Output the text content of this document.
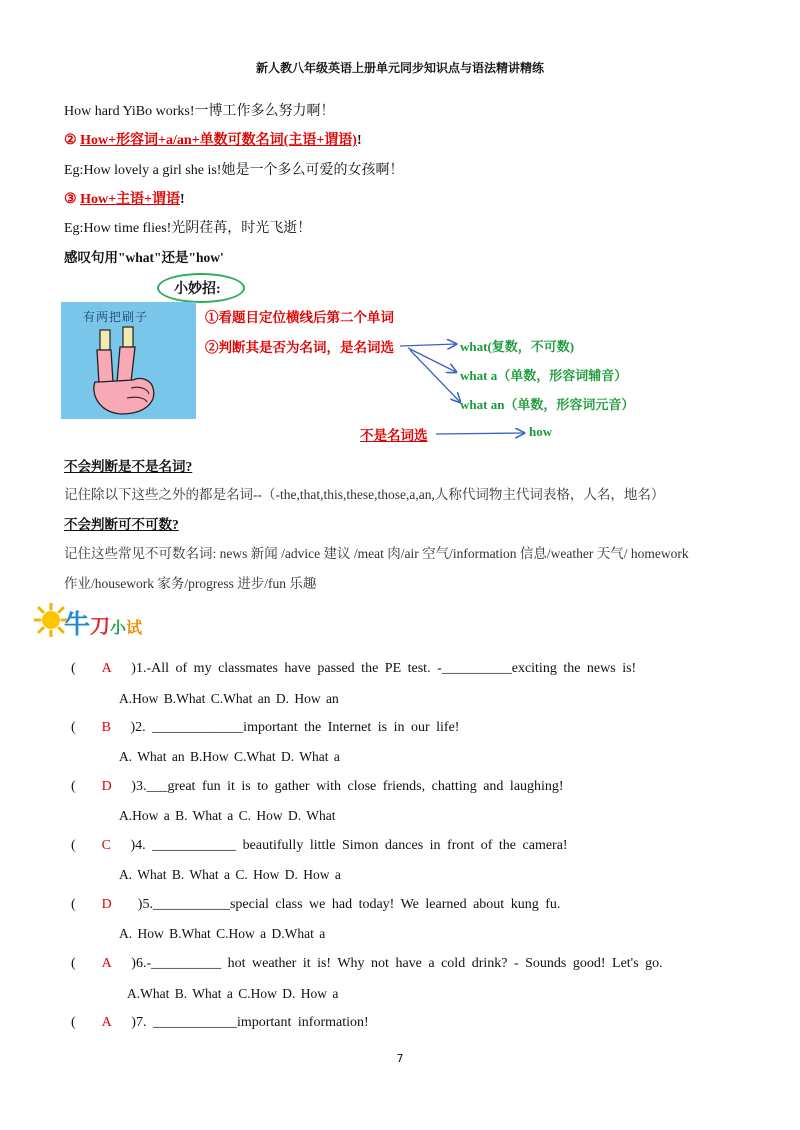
新人教八年级英语上册单元同步知识点与语法精讲精练
How hard YiBo works!一博工作多么努力啊！
② How+形容词+a/an+单数可数名词(主语+谓语)!
Eg:How lovely a girl she is!她是一个多么可爱的女孩啊！
③ How+主语+谓语!
Eg:How time flies!光阴荏苒，时光飞逝！
感叹句用"what"还是"how'
小妙招:
有两把刷子	①看题目定位横线后第二个单词
②判断其是否为名词，是名词选	what(复数，不可数)
what a（单数，形容词辅音）
what an（单数，形容词元音）
不是名词选	how
不会判断是不是名词?
记住除以下这些之外的都是名词--（-the,that,this,these,those,a,an,人称代词物主代词表格，人名，地名）
不会判断可不可数?
记住这些常见不可数名词: news 新闻 /advice 建议 /meat 肉/air 空气/information 信息/weather 天气/ homework
作业/housework 家务/progress 进步/fun 乐趣
牛刀小试
(    A )1.-All of my classmates have passed the PE test. -__________exciting the news is!
A.How B.What C.What an D. How an
(    B )2. _____________important the Internet is in our life!
A. What an B.How C.What D. What a
(    D )3.___great fun it is to gather with close friends, chatting and laughing!
A.How a B. What a C. How D. What
(    C )4. ____________ beautifully little Simon dances in front of the camera!
A. What B. What a C. How D. How a
(    D )5.___________special class we had today! We learned about kung fu.
A. How B.What C.How a D.What a
(    A )6.-__________ hot weather it is! Why not have a cold drink? - Sounds good! Let's go.
A.What B. What a C.How D. How a
(    A )7. ____________important information!
7
